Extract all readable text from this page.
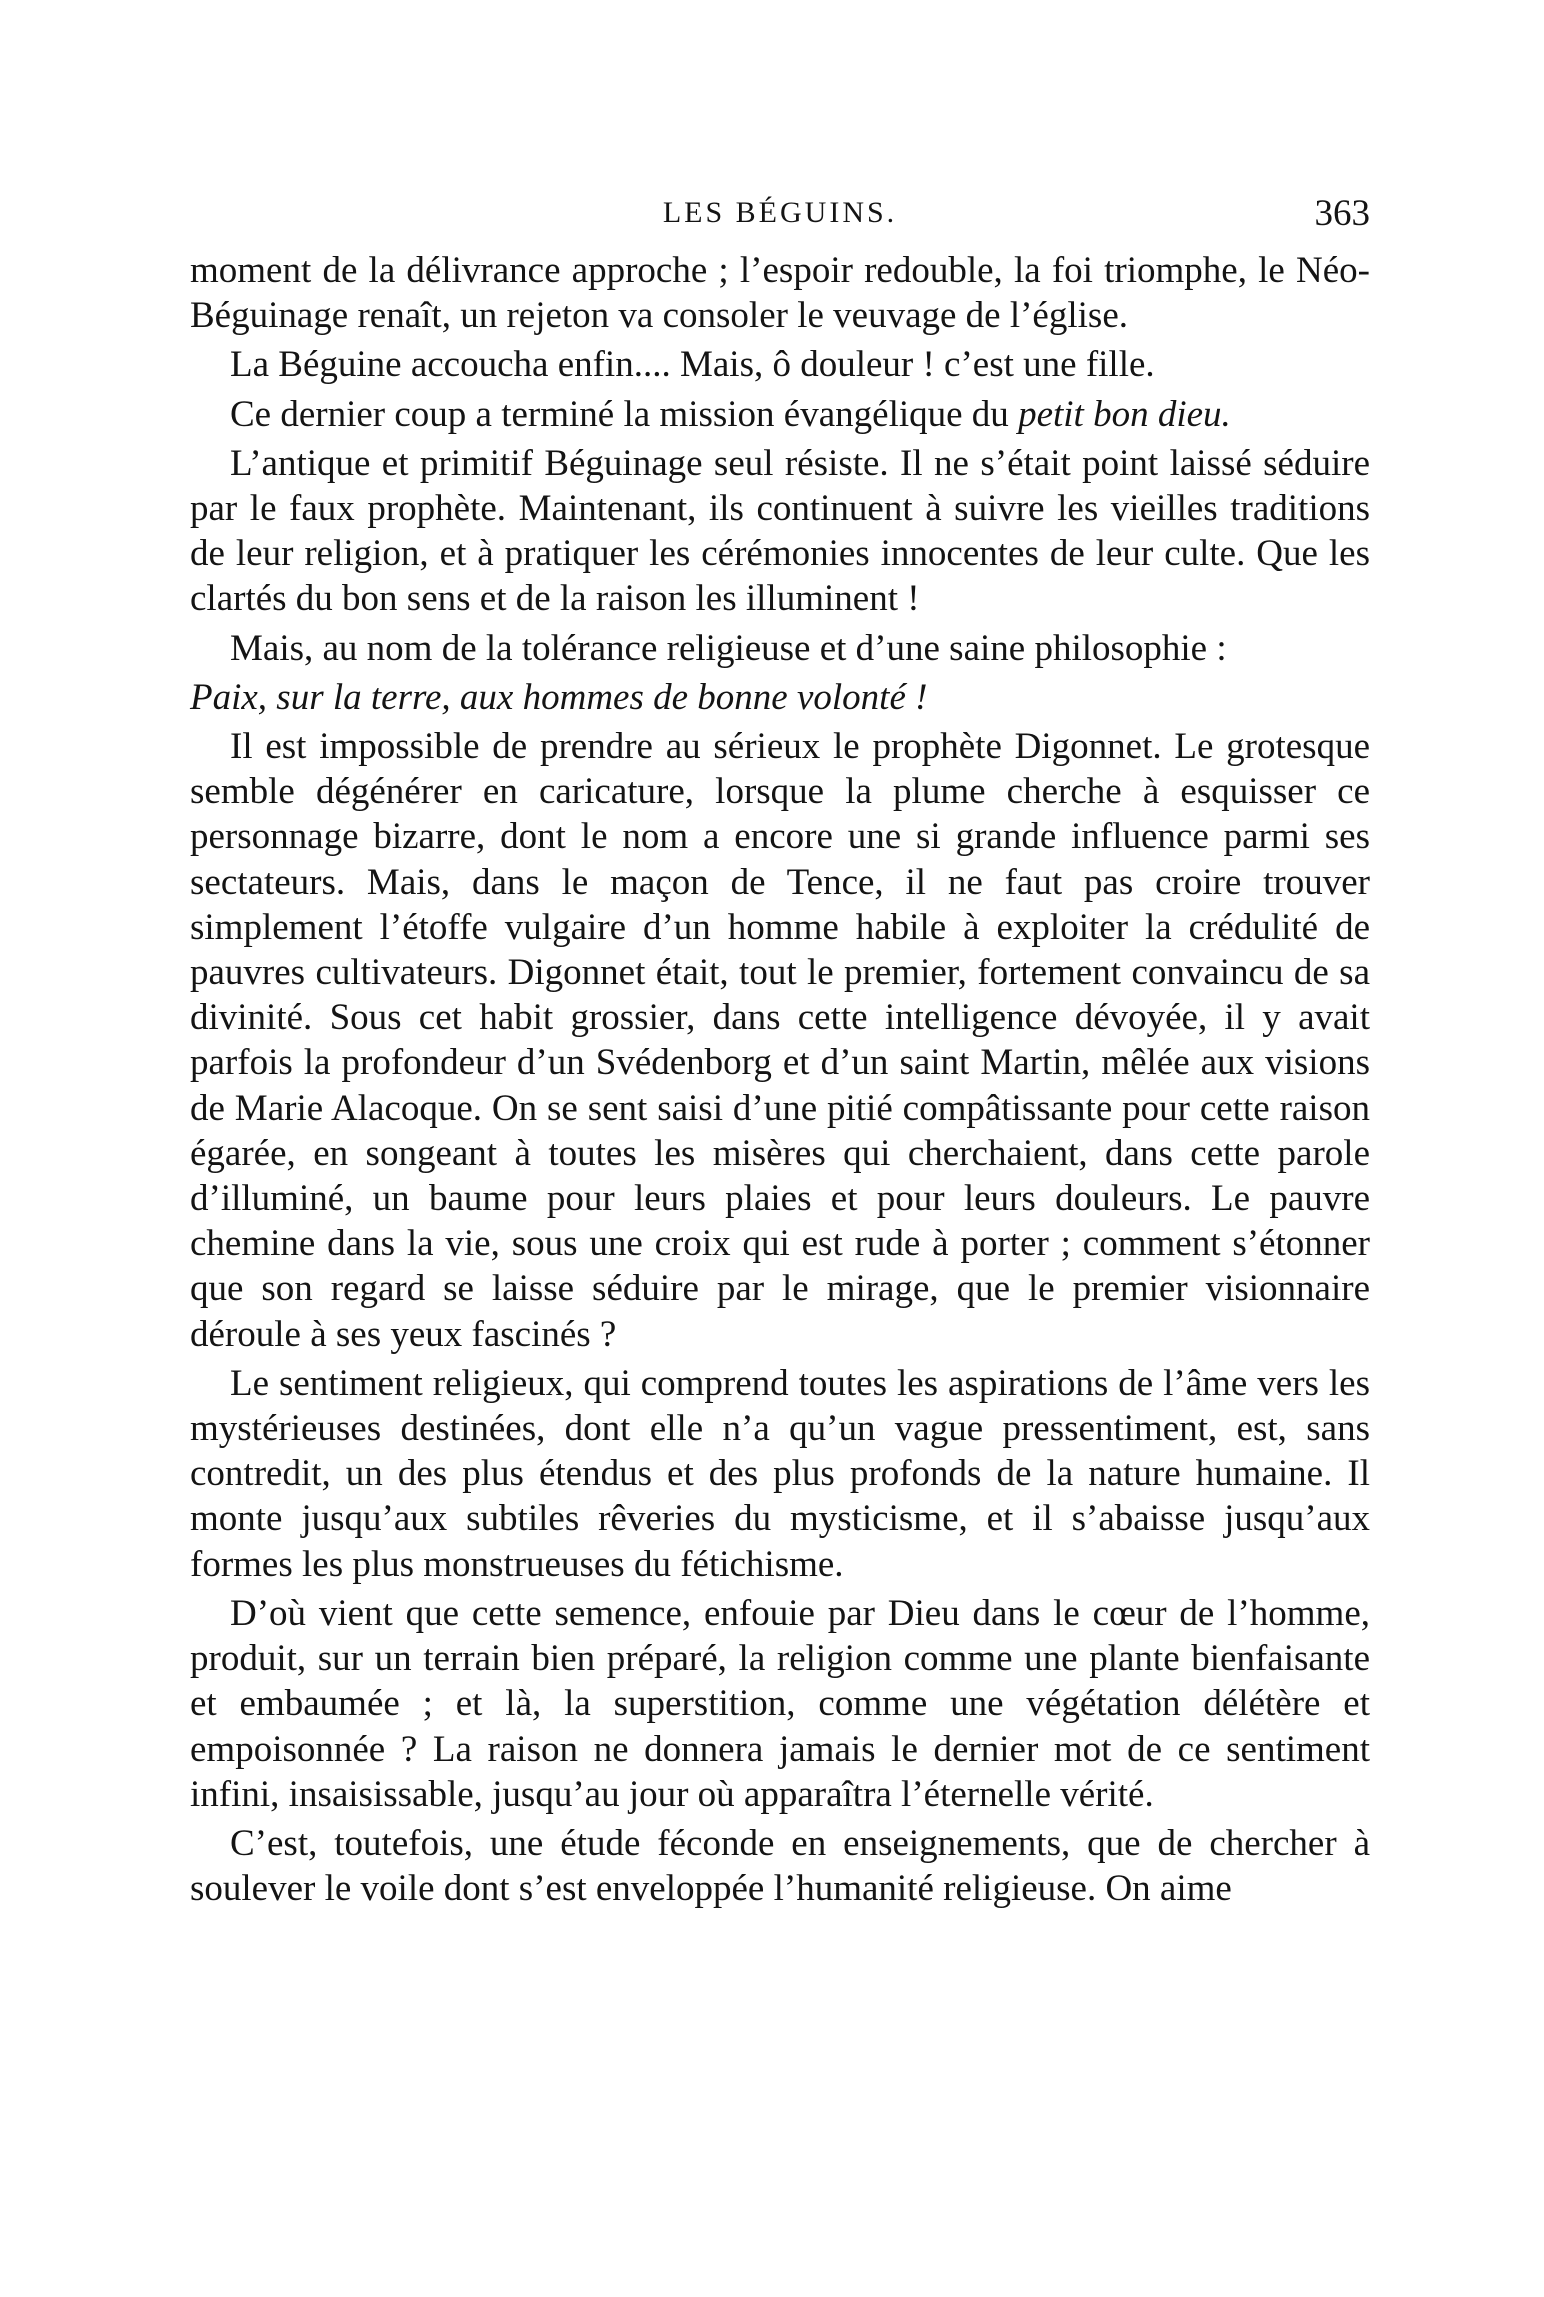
LES BÉGUINS.	363

moment de la délivrance approche ; l’espoir redouble, la foi triomphe, le Néo-Béguinage renaît, un rejeton va consoler le veuvage de l’église.

La Béguine accoucha enfin.... Mais, ô douleur ! c’est une fille.

Ce dernier coup a terminé la mission évangélique du petit bon dieu.

L’antique et primitif Béguinage seul résiste. Il ne s’était point laissé séduire par le faux prophète. Maintenant, ils continuent à suivre les vieilles traditions de leur religion, et à pratiquer les cérémonies innocentes de leur culte. Que les clartés du bon sens et de la raison les illuminent !

Mais, au nom de la tolérance religieuse et d’une saine philosophie :

Paix, sur la terre, aux hommes de bonne volonté !

Il est impossible de prendre au sérieux le prophète Digonnet. Le grotesque semble dégénérer en caricature, lorsque la plume cherche à esquisser ce personnage bizarre, dont le nom a encore une si grande influence parmi ses sectateurs. Mais, dans le maçon de Tence, il ne faut pas croire trouver simplement l’étoffe vulgaire d’un homme habile à exploiter la crédulité de pauvres cultivateurs. Digonnet était, tout le premier, fortement convaincu de sa divinité. Sous cet habit grossier, dans cette intelligence dévoyée, il y avait parfois la profondeur d’un Svédenborg et d’un saint Martin, mêlée aux visions de Marie Alacoque. On se sent saisi d’une pitié compâtissante pour cette raison égarée, en songeant à toutes les misères qui cherchaient, dans cette parole d’illuminé, un baume pour leurs plaies et pour leurs douleurs. Le pauvre chemine dans la vie, sous une croix qui est rude à porter ; comment s’étonner que son regard se laisse séduire par le mirage, que le premier visionnaire déroule à ses yeux fascinés ?

Le sentiment religieux, qui comprend toutes les aspirations de l’âme vers les mystérieuses destinées, dont elle n’a qu’un vague pressentiment, est, sans contredit, un des plus étendus et des plus profonds de la nature humaine. Il monte jusqu’aux subtiles rêveries du mysticisme, et il s’abaisse jusqu’aux formes les plus monstrueuses du fétichisme.

D’où vient que cette semence, enfouie par Dieu dans le cœur de l’homme, produit, sur un terrain bien préparé, la religion comme une plante bienfaisante et embaumée ; et là, la superstition, comme une végétation délétère et empoisonnée ? La raison ne donnera jamais le dernier mot de ce sentiment infini, insaisissable, jusqu’au jour où apparaîtra l’éternelle vérité.

C’est, toutefois, une étude féconde en enseignements, que de chercher à soulever le voile dont s’est enveloppée l’humanité religieuse. On aime
